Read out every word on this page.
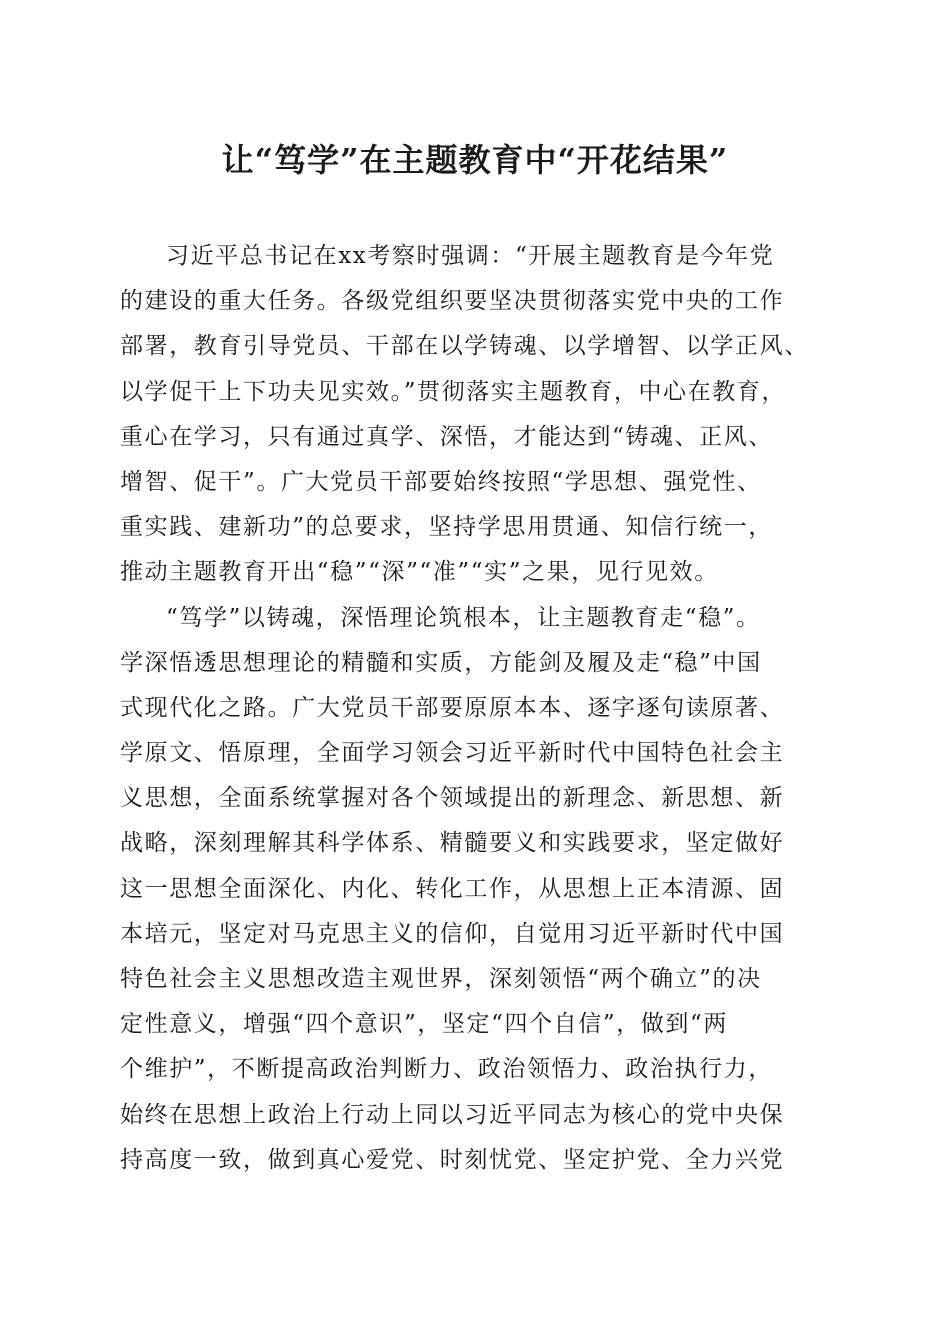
让“笃学”在主题教育中“开花结果”
习近平总书记在xx考察时强调：“开展主题教育是今年党
的建设的重大任务。各级党组织要坚决贯彻落实党中央的工作
部署，教育引导党员、干部在以学铸魂、以学增智、以学正风、
以学促干上下功夫见实效。”贯彻落实主题教育，中心在教育，
重心在学习，只有通过真学、深悟，才能达到“铸魂、正风、
增智、促干”。广大党员干部要始终按照“学思想、强党性、
重实践、建新功”的总要求，坚持学思用贯通、知信行统一，
推动主题教育开出“稳”“深”“准”“实”之果，见行见效。
“笃学”以铸魂，深悟理论筑根本，让主题教育走“稳”。
学深悟透思想理论的精髓和实质，方能剑及履及走“稳”中国
式现代化之路。广大党员干部要原原本本、逐字逐句读原著、
学原文、悟原理，全面学习领会习近平新时代中国特色社会主
义思想，全面系统掌握对各个领域提出的新理念、新思想、新
战略，深刻理解其科学体系、精髓要义和实践要求，坚定做好
这一思想全面深化、内化、转化工作，从思想上正本清源、固
本培元，坚定对马克思主义的信仰，自觉用习近平新时代中国
特色社会主义思想改造主观世界，深刻领悟“两个确立”的决
定性意义，增强“四个意识”，坚定“四个自信”，做到“两
个维护”，不断提高政治判断力、政治领悟力、政治执行力，
始终在思想上政治上行动上同以习近平同志为核心的党中央保
持高度一致，做到真心爱党、时刻忧党、坚定护党、全力兴党
